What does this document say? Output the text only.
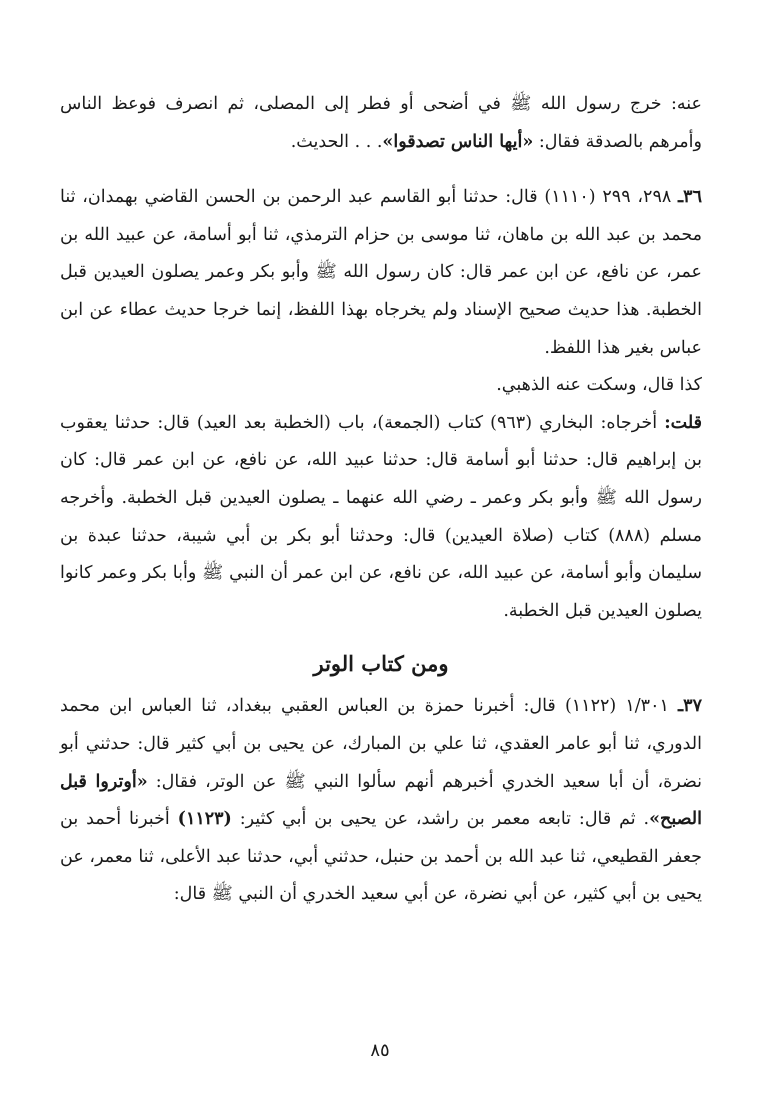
عنه: خرج رسول الله ﷺ في أضحى أو فطر إلى المصلى، ثم انصرف فوعظ الناس وأمرهم بالصدقة فقال: «أيها الناس تصدقوا». . . الحديث.

٣٦ـ ٢٩٨، ٢٩٩ (١١١٠) قال: حدثنا أبو القاسم عبد الرحمن بن الحسن القاضي بهمدان، ثنا محمد بن عبد الله بن ماهان، ثنا موسى بن حزام الترمذي، ثنا أبو أسامة، عن عبيد الله بن عمر، عن نافع، عن ابن عمر قال: كان رسول الله ﷺ وأبو بكر وعمر يصلون العيدين قبل الخطبة. هذا حديث صحيح الإسناد ولم يخرجاه بهذا اللفظ، إنما خرجا حديث عطاء عن ابن عباس بغير هذا اللفظ.

كذا قال، وسكت عنه الذهبي.

قلت: أخرجاه: البخاري (٩٦٣) كتاب (الجمعة)، باب (الخطبة بعد العيد) قال: حدثنا يعقوب بن إبراهيم قال: حدثنا أبو أسامة قال: حدثنا عبيد الله، عن نافع، عن ابن عمر قال: كان رسول الله ﷺ وأبو بكر وعمر ـ رضي الله عنهما ـ يصلون العيدين قبل الخطبة. وأخرجه مسلم (٨٨٨) كتاب (صلاة العيدين) قال: وحدثنا أبو بكر بن أبي شيبة، حدثنا عبدة بن سليمان وأبو أسامة، عن عبيد الله، عن نافع، عن ابن عمر أن النبي ﷺ وأبا بكر وعمر كانوا يصلون العيدين قبل الخطبة.

ومن كتاب الوتر

٣٧ـ ١/٣٠١ (١١٢٢) قال: أخبرنا حمزة بن العباس العقبي ببغداد، ثنا العباس ابن محمد الدوري، ثنا أبو عامر العقدي، ثنا علي بن المبارك، عن يحيى بن أبي كثير قال: حدثني أبو نضرة، أن أبا سعيد الخدري أخبرهم أنهم سألوا النبي ﷺ عن الوتر، فقال: «أوتروا قبل الصبح». ثم قال: تابعه معمر بن راشد، عن يحيى بن أبي كثير: (١١٢٣) أخبرنا أحمد بن جعفر القطيعي، ثنا عبد الله بن أحمد بن حنبل، حدثني أبي، حدثنا عبد الأعلى، ثنا معمر، عن يحيى بن أبي كثير، عن أبي نضرة، عن أبي سعيد الخدري أن النبي ﷺ قال:

٨٥
